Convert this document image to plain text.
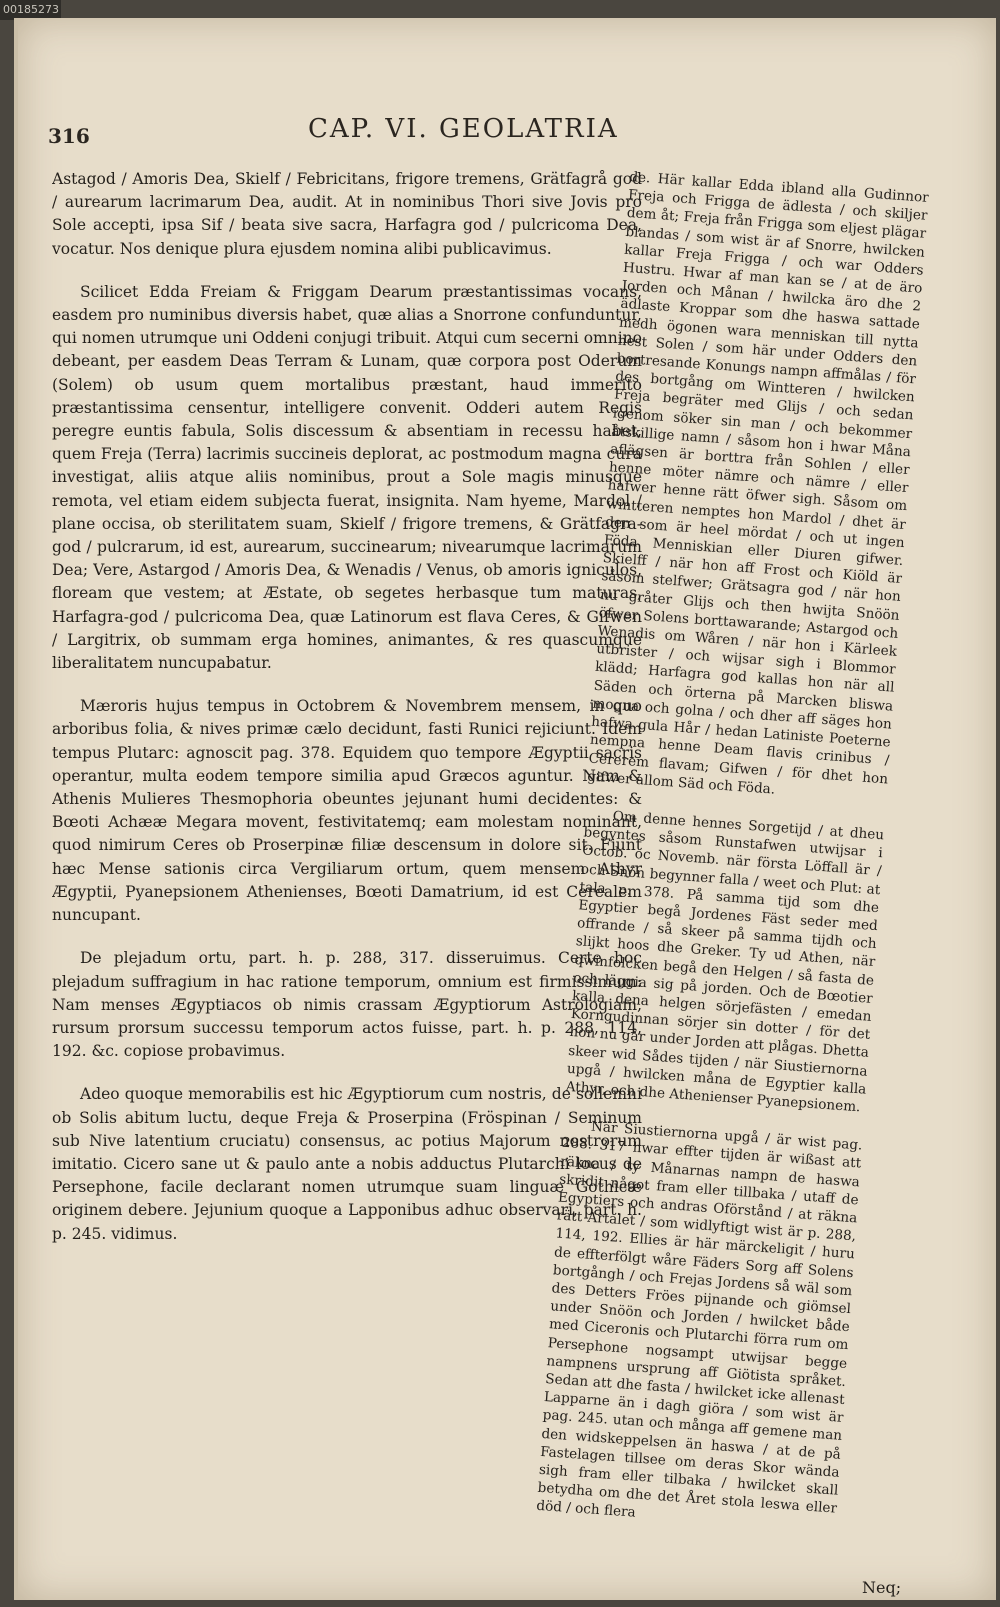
00185273
316	CAP. VI. GEOLATRIA

Astagod / Amoris Dea, Skielf / Febricitans, frigore tremens, Grätfagrå god / aurearum lacrimarum Dea, audit. At in nominibus Thori sive Jovis pro Sole accepti, ipsa Sif / beata sive sacra, Harfagra god / pulcricoma Dea, vocatur. Nos denique plura ejusdem nomina alibi publicavimus.

Scilicet Edda Freiam & Friggam Dearum præstantissimas vocans, easdem pro numinibus diversis habet, quæ alias a Snorrone confunduntur, qui nomen utrumque uni Oddeni conjugi tribuit. Atqui cum secerni omnino debeant, per easdem Deas Terram & Lunam, quæ corpora post Oderum (Solem) ob usum quem mortalibus præstant, haud immerito præstantissima censentur, intelligere convenit. Odderi autem Regis peregre euntis fabula, Solis discessum & absentiam in recessu habet, quem Freja (Terra) lacrimis succineis deplorat, ac postmodum magna cura investigat, aliis atque aliis nominibus, prout a Sole magis minusque remota, vel etiam eidem subjecta fuerat, insignita. Nam hyeme, Mardol / plane occisa, ob sterilitatem suam, Skielf / frigore tremens, & Grätfagra-god / pulcrarum, id est, aurearum, succinearum; nivearumque lacrimarum Dea; Vere, Astargod / Amoris Dea, & Wenadis / Venus, ob amoris igniculos, floream que vestem; at Æstate, ob segetes herbasque tum maturas, Harfagra-god / pulcricoma Dea, quæ Latinorum est flava Ceres, & Gifwen / Largitrix, ob summam erga homines, animantes, & res quascumque liberalitatem nuncupabatur.

Mæroris hujus tempus in Octobrem & Novembrem mensem, in quo arboribus folia, & nives primæ cælo decidunt, fasti Runici rejiciunt. Idem tempus Plutarc: agnoscit pag. 378. Equidem quo tempore Ægyptii sacris operantur, multa eodem tempore similia apud Græcos aguntur. Nam & Athenis Mulieres Thesmophoria obeuntes jejunant humi decidentes: & Bœoti Achææ Megara movent, festivitatemq; eam molestam nominant, quod nimirum Ceres ob Proserpinæ filiæ descensum in dolore sit. Fiunt hæc Mense sationis circa Vergiliarum ortum, quem mensem Athyr Ægyptii, Pyanepsionem Athenienses, Bœoti Damatrium, id est Cerealem nuncupant.

De plejadum ortu, part. h. p. 288, 317. disseruimus. Certe hoc plejadum suffragium in hac ratione temporum, omnium est firmissimum: Nam menses Ægyptiacos ob nimis crassam Ægyptiorum Astrologiam, rursum prorsum successu temporum actos fuisse, part. h. p. 288, 114, 192. &c. copiose probavimus.

Adeo quoque memorabilis est hic Ægyptiorum cum nostris, de sollemni ob Solis abitum luctu, deque Freja & Proserpina (Fröspinan / Seminum sub Nive latentium cruciatu) consensus, ac potius Majorum nostrorum imitatio. Cicero sane ut & paulo ante a nobis adductus Plutarchi locus de Persephone, facile declarant nomen utrumque suam linguæ Gothicæ originem debere. Jejunium quoque a Lapponibus adhuc observari, part. h. p. 245. vidimus.

de. Här kallar Edda ibland alla Gudinnor Freja och Frigga de ädlesta / och skiljer dem åt; Freja från Frigga som eljest plägar blandas / som wist är af Snorre, hwilcken kallar Freja Frigga / och war Odders Hustru. Hwar af man kan se / at de äro Jorden och Månan / hwilcka äro dhe 2 ädlaste Kroppar som dhe haswa sattade medh ögonen wara menniskan till nytta nest Solen / som här under Odders den bortresande Konungs nampn affmålas / för des bortgång om Wintteren / hwilcken Freja begräter med Glijs / och sedan igenom söker sin man / och bekommer åtskillige namn / såsom hon i hwar Måna aflägsen är borttra från Sohlen / eller henne möter nämre och nämre / eller hafwer henne rätt öfwer sigh. Såsom om wintteren nemptes hon Mardol / dhet är den som är heel mördat / och ut ingen Föda Menniskian eller Diuren gifwer. Skielff / när hon aff Frost och Kiöld är såsom stelfwer; Grätsagra god / när hon nu gråter Glijs och then hwijta Snöön öfwer Solens borttawarande; Astargod och Wenadis om Wåren / när hon i Kärleek utbrister / och wijsar sigh i Blommor klädd; Harfagra god kallas hon när all Säden och örterna på Marcken bliswa mogna och golna / och dher aff säges hon hafwa gula Hår / hedan Latiniste Poeterne nempna henne Deam flavis crinibus / Cererem flavam; Gifwen / för dhet hon gifwer allom Säd och Föda.

Om denne hennes Sorgetijd / at dheu begyntes såsom Runstafwen utwijsar i Octob. oc Novemb. när första Löffall är / och Snön begynner falla / weet och Plut: at tala p. 378. På samma tijd som dhe Egyptier begå Jordenes Fäst seder med offrande / så skeer på samma tijdh och slijkt hoos dhe Greker. Ty ud Athen, när qwinfolcken begå den Helgen / så fasta de och läggia sig på jorden. Och de Bœotier kalla dena helgen sörjefästen / emedan Korngudinnan sörjer sin dotter / för det hon nu går under Jorden att plågas. Dhetta skeer wid Sådes tijden / när Siustiernorna upgå / hwilcken måna de Egyptier kalla Athyr, och dhe Athenienser Pyanepsionem.

När Siustiernorna upgå / är wist pag. 288. 317 hwar effter tijden är wißast att räkna / ty Månarnas nampn de haswa skridit något fram eller tillbaka / utaff de Egyptiers och andras Oförstånd / at räkna rätt Artalet / som widlyftigt wist är p. 288, 114, 192. Ellies är här märckeligit / huru de effterfölgt wåre Fäders Sorg aff Solens bortgångh / och Frejas Jordens så wäl som des Detters Fröes pijnande och giömsel under Snöön och Jorden / hwilcket både med Ciceronis och Plutarchi förra rum om Persephone nogsampt utwijsar begge nampnens ursprung aff Giötista språket. Sedan att dhe fasta / hwilcket icke allenast Lapparne än i dagh giöra / som wist är pag. 245. utan och många aff gemene man den widskeppelsen än haswa / at de på Fastelagen tillsee om deras Skor wända sigh fram eller tilbaka / hwilcket skall betydha om dhe det Året stola leswa eller död / och flera

Neq;
